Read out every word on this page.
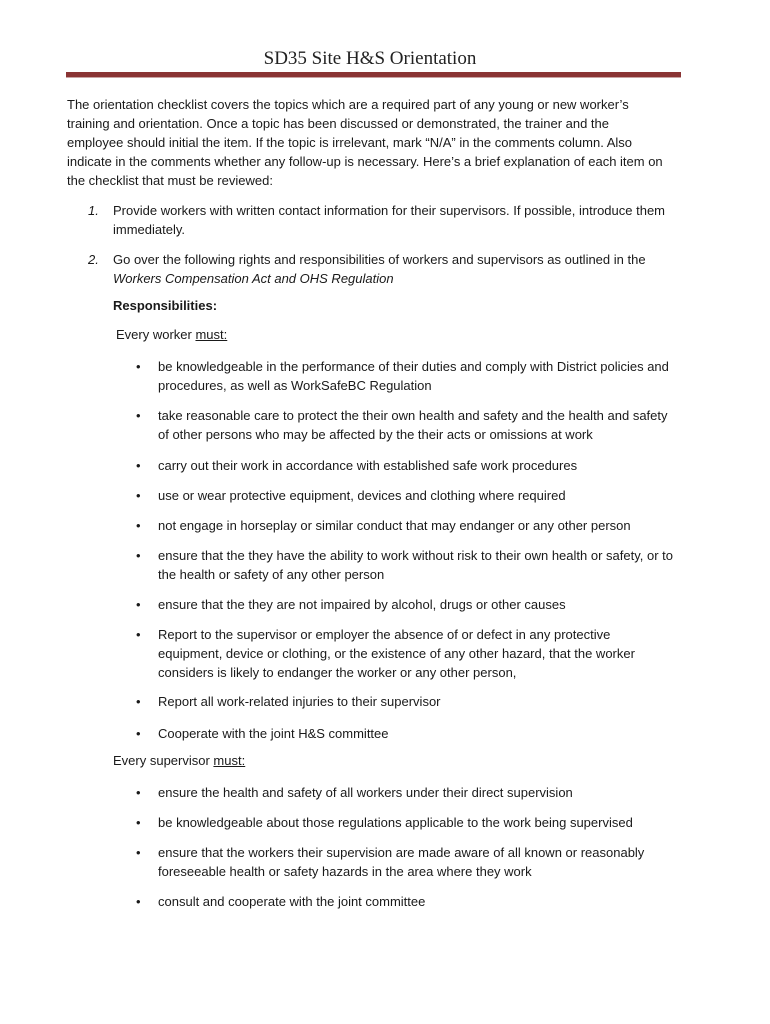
SD35 Site H&S Orientation
The orientation checklist covers the topics which are a required part of any young or new worker’s training and orientation. Once a topic has been discussed or demonstrated, the trainer and the employee should initial the item. If the topic is irrelevant, mark “N/A” in the comments column. Also indicate in the comments whether any follow-up is necessary. Here’s a brief explanation of each item on the checklist that must be reviewed:
1. Provide workers with written contact information for their supervisors. If possible, introduce them immediately.
2. Go over the following rights and responsibilities of workers and supervisors as outlined in the Workers Compensation Act and OHS Regulation
Responsibilities:
Every worker must:
• be knowledgeable in the performance of their duties and comply with District policies and procedures, as well as WorkSafeBC Regulation
• take reasonable care to protect the their own health and safety and the health and safety of other persons who may be affected by the their acts or omissions at work
• carry out their work in accordance with established safe work procedures
• use or wear protective equipment, devices and clothing where required
• not engage in horseplay or similar conduct that may endanger or any other person
• ensure that the they have the ability to work without risk to their own health or safety, or to the health or safety of any other person
• ensure that the they are not impaired by alcohol, drugs or other causes
• Report to the supervisor or employer the absence of or defect in any protective equipment, device or clothing, or the existence of any other hazard, that the worker considers is likely to endanger the worker or any other person,
• Report all work-related injuries to their supervisor
• Cooperate with the joint H&S committee
Every supervisor must:
• ensure the health and safety of all workers under their direct supervision
• be knowledgeable about those regulations applicable to the work being supervised
• ensure that the workers their supervision are made aware of all known or reasonably foreseeable health or safety hazards in the area where they work
• consult and cooperate with the joint committee
